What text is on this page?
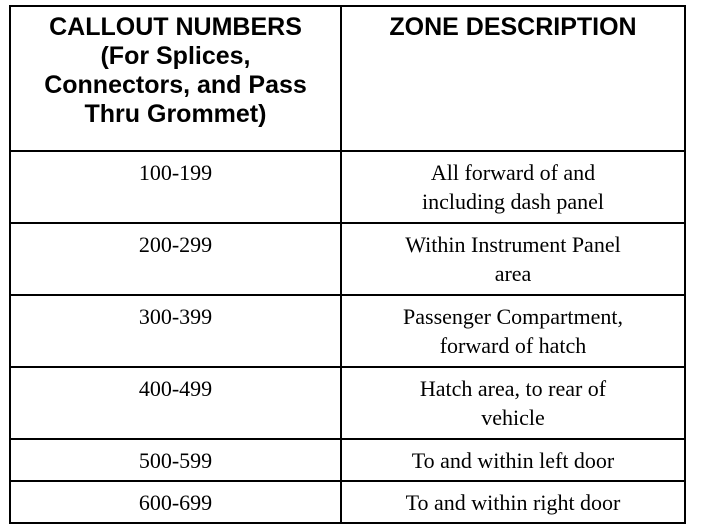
CALLOUT NUMBERS
(For Splices,
Connectors, and Pass
Thru Grommet)	ZONE DESCRIPTION

100-199	All forward of and
including dash panel

200-299	Within Instrument Panel
area

300-399	Passenger Compartment,
forward of hatch

400-499	Hatch area, to rear of
vehicle

500-599	To and within left door

600-699	To and within right door
